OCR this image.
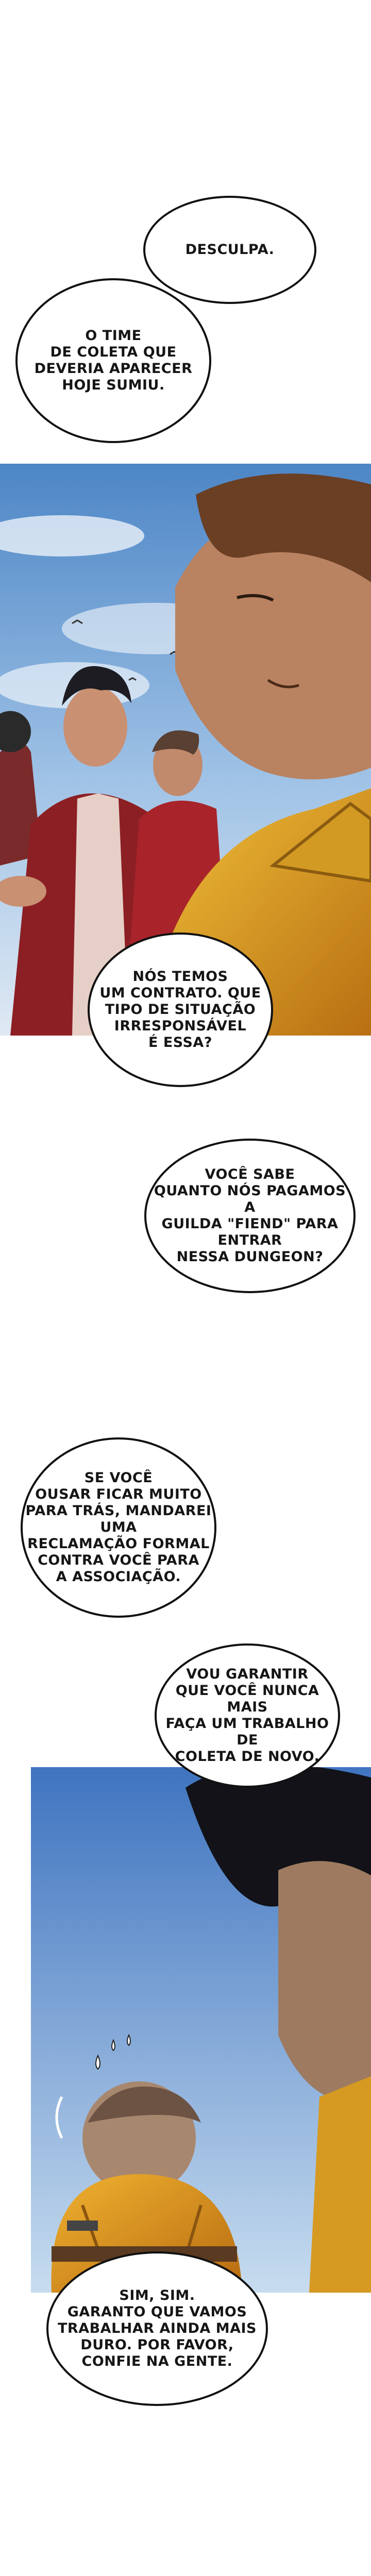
DESCULPA.
O TIME
DE COLETA QUE
DEVERIA APARECER
HOJE SUMIU.
NÓS TEMOS
UM CONTRATO. QUE
TIPO DE SITUAÇÃO
IRRESPONSÁVEL
É ESSA?
VOCÊ SABE
QUANTO NÓS PAGAMOS A
GUILDA "FIEND" PARA ENTRAR
NESSA DUNGEON?
SE VOCÊ
OUSAR FICAR MUITO
PARA TRÁS, MANDAREI UMA
RECLAMAÇÃO FORMAL
CONTRA VOCÊ PARA
A ASSOCIAÇÃO.
VOU GARANTIR
QUE VOCÊ NUNCA MAIS
FAÇA UM TRABALHO DE
COLETA DE NOVO.
SIM, SIM.
GARANTO QUE VAMOS
TRABALHAR AINDA MAIS
DURO. POR FAVOR,
CONFIE NA GENTE.
